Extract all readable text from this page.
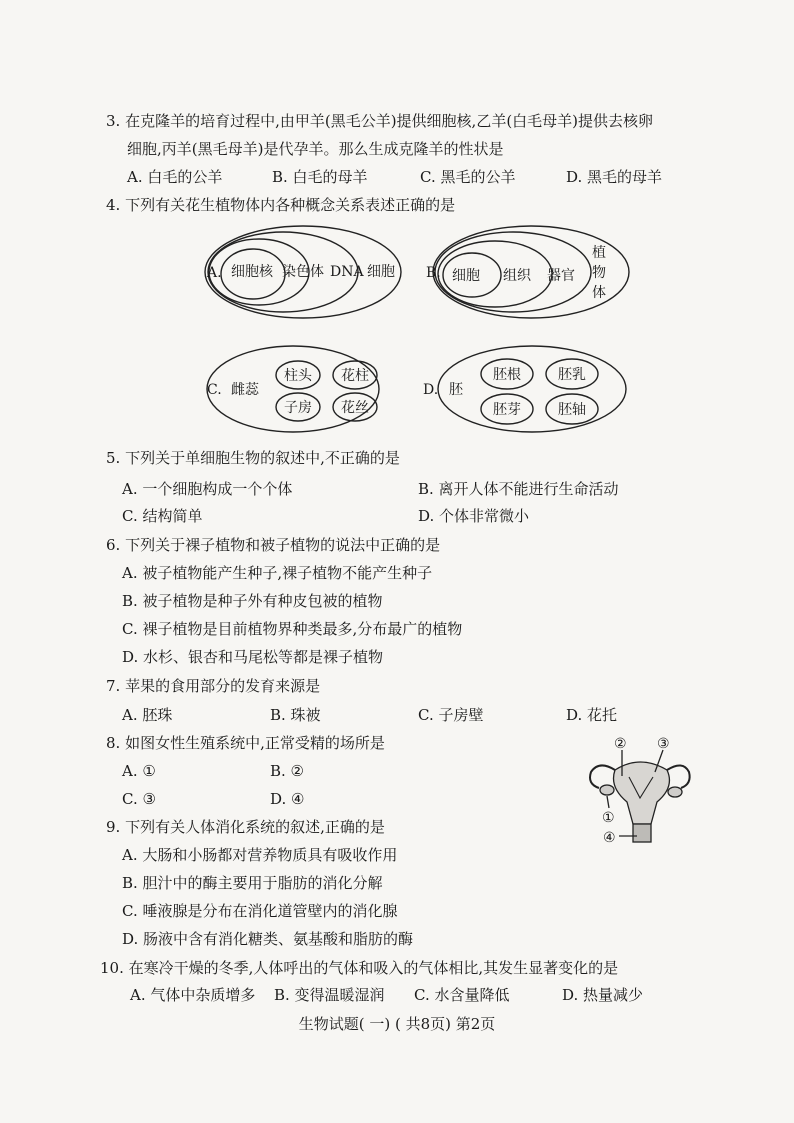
3. 在克隆羊的培育过程中,由甲羊(黑毛公羊)提供细胞核,乙羊(白毛母羊)提供去核卵
细胞,丙羊(黑毛母羊)是代孕羊。那么生成克隆羊的性状是
A. 白毛的公羊	B. 白毛的母羊	C. 黑毛的公羊	D. 黑毛的母羊
4. 下列有关花生植物体内各种概念关系表述正确的是
A. 细胞核 染色体 DNA 细胞 B. 细胞 组织 器官
植
物
体
C. 雌蕊
柱头 花柱
子房 花丝
D. 胚
胚根	胚乳
胚芽	胚轴
5. 下列关于单细胞生物的叙述中,不正确的是
A. 一个细胞构成一个个体	B. 离开人体不能进行生命活动
C. 结构简单	D. 个体非常微小
6. 下列关于裸子植物和被子植物的说法中正确的是
A. 被子植物能产生种子,裸子植物不能产生种子
B. 被子植物是种子外有种皮包被的植物
C. 裸子植物是目前植物界种类最多,分布最广的植物
D. 水杉、银杏和马尾松等都是裸子植物
7. 苹果的食用部分的发育来源是
A. 胚珠	B. 珠被	C. 子房壁	D. 花托
8. 如图女性生殖系统中,正常受精的场所是
A. ①	B. ②
C. ③	D. ④
② ③
①
④
9. 下列有关人体消化系统的叙述,正确的是
A. 大肠和小肠都对营养物质具有吸收作用
B. 胆汁中的酶主要用于脂肪的消化分解
C. 唾液腺是分布在消化道管壁内的消化腺
D. 肠液中含有消化糖类、氨基酸和脂肪的酶
10. 在寒冷干燥的冬季,人体呼出的气体和吸入的气体相比,其发生显著变化的是
A. 气体中杂质增多 B. 变得温暖湿润 C. 水含量降低	D. 热量减少
生物试题( 一) ( 共8页) 第2页
